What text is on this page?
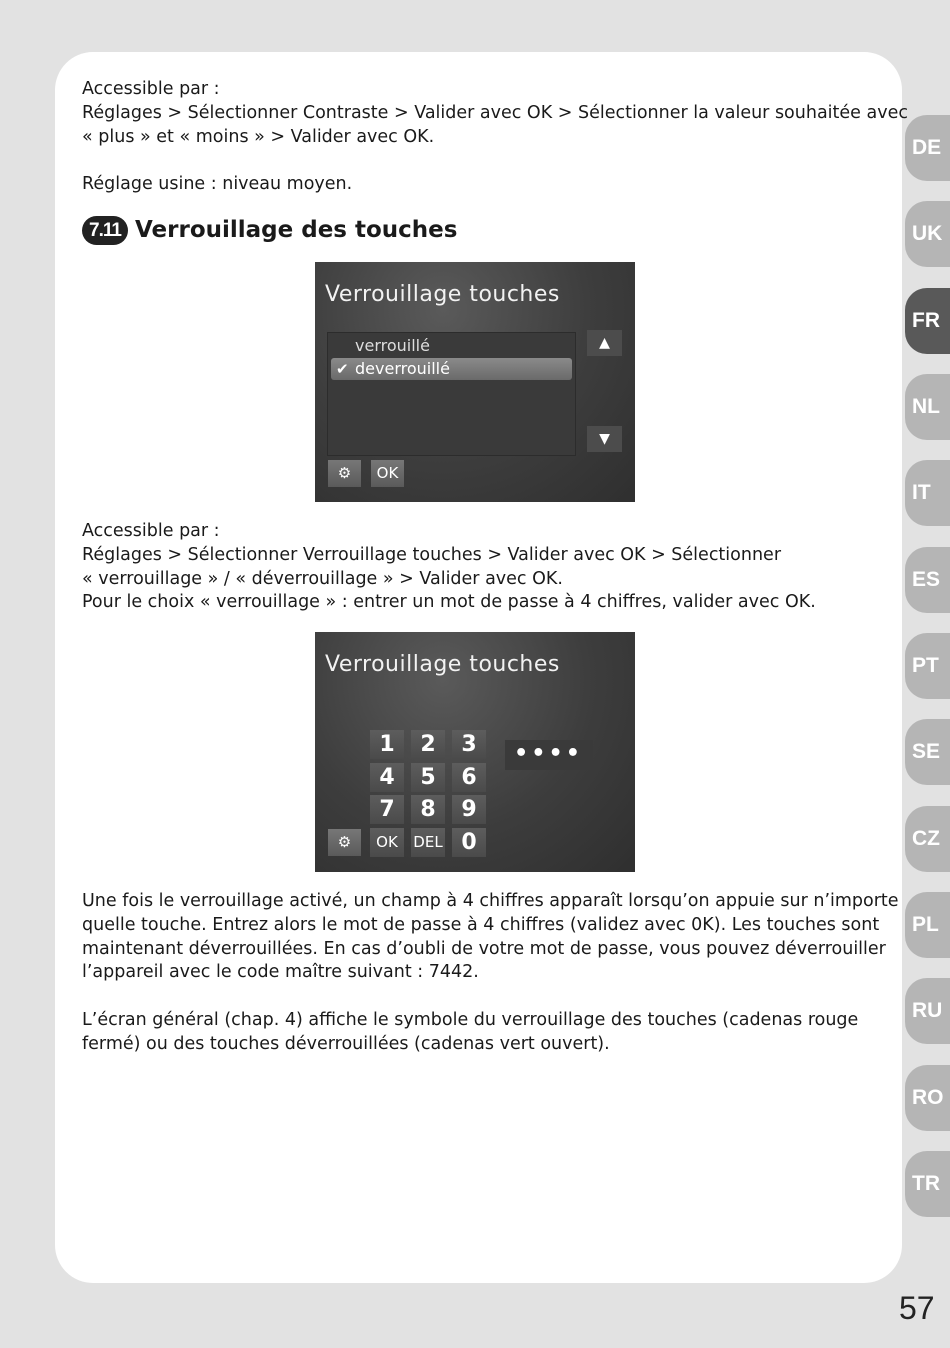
Accessible par :
Réglages > Sélectionner Contraste > Valider avec OK > Sélectionner la valeur souhaitée avec
« plus » et « moins » > Valider avec OK.
Réglage usine : niveau moyen.
7.11 Verrouillage des touches
Verrouillage touches
verrouillé
✔ deverrouillé
▲
▼
⚙	OK
Accessible par :
Réglages > Sélectionner Verrouillage touches > Valider avec OK > Sélectionner
« verrouillage » / « déverrouillage » > Valider avec OK.
Pour le choix « verrouillage » : entrer un mot de passe à 4 chiffres, valider avec OK.
Verrouillage touches
1	2	3
4	5	6
7	8	9
⚙	OK	DEL 0
••••
Une fois le verrouillage activé, un champ à 4 chiffres apparaît lorsqu’on appuie sur n’importe
quelle touche. Entrez alors le mot de passe à 4 chiffres (validez avec 0K). Les touches sont
maintenant déverrouillées. En cas d’oubli de votre mot de passe, vous pouvez déverrouiller
l’appareil avec le code maître suivant : 7442.
L’écran général (chap. 4) affiche le symbole du verrouillage des touches (cadenas rouge
fermé) ou des touches déverrouillées (cadenas vert ouvert).
DE
UK
FR
NL
IT
ES
PT
SE
CZ
PL
RU
RO
TR
57
